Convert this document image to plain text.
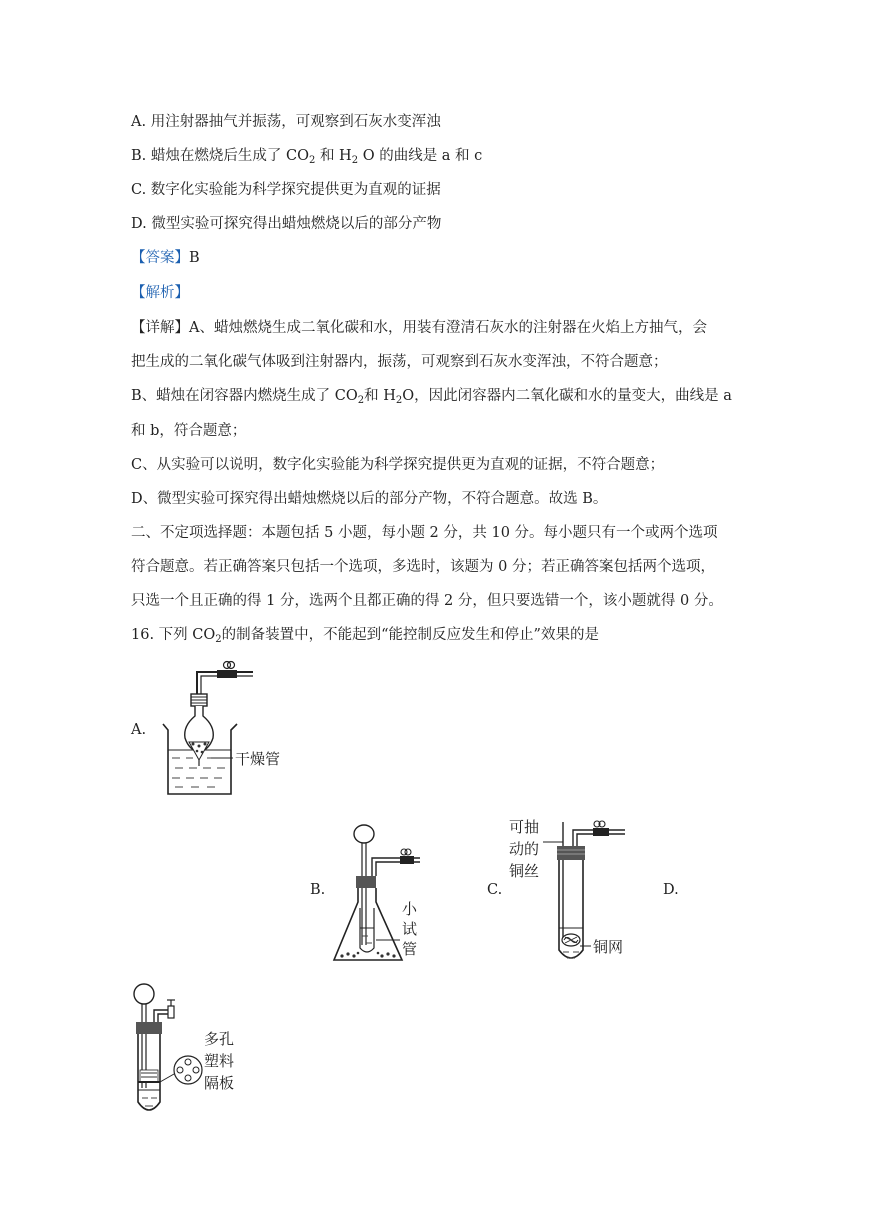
A. 用注射器抽气并振荡，可观察到石灰水变浑浊
B. 蜡烛在燃烧后生成了 $CO_2$ 和 $H_2$ O 的曲线是 a 和 c
C. 数字化实验能为科学探究提供更为直观的证据
D. 微型实验可探究得出蜡烛燃烧以后的部分产物
【答案】B
【解析】
【详解】A、蜡烛燃烧生成二氧化碳和水，用装有澄清石灰水的注射器在火焰上方抽气，会
把生成的二氧化碳气体吸到注射器内，振荡，可观察到石灰水变浑浊，不符合题意；
B、蜡烛在闭容器内燃烧生成了 $CO_2$和 $H_2O$，因此闭容器内二氧化碳和水的量变大，曲线是 a
和 b，符合题意；
C、从实验可以说明，数字化实验能为科学探究提供更为直观的证据，不符合题意；
D、微型实验可探究得出蜡烛燃烧以后的部分产物，不符合题意。故选 B。
二、不定项选择题：本题包括 5 小题，每小题 2 分，共 10 分。每小题只有一个或两个选项
符合题意。若正确答案只包括一个选项，多选时，该题为 0 分；若正确答案包括两个选项，
只选一个且正确的得 1 分，选两个且都正确的得 2 分，但只要选错一个，该小题就得 0 分。
16. 下列 $CO_2$的制备装置中，不能起到“能控制反应发生和停止”效果的是
A.
B.	C.	D.
干燥管
小
试
管
可抽
动的
铜丝
铜网
多孔
塑料
隔板
